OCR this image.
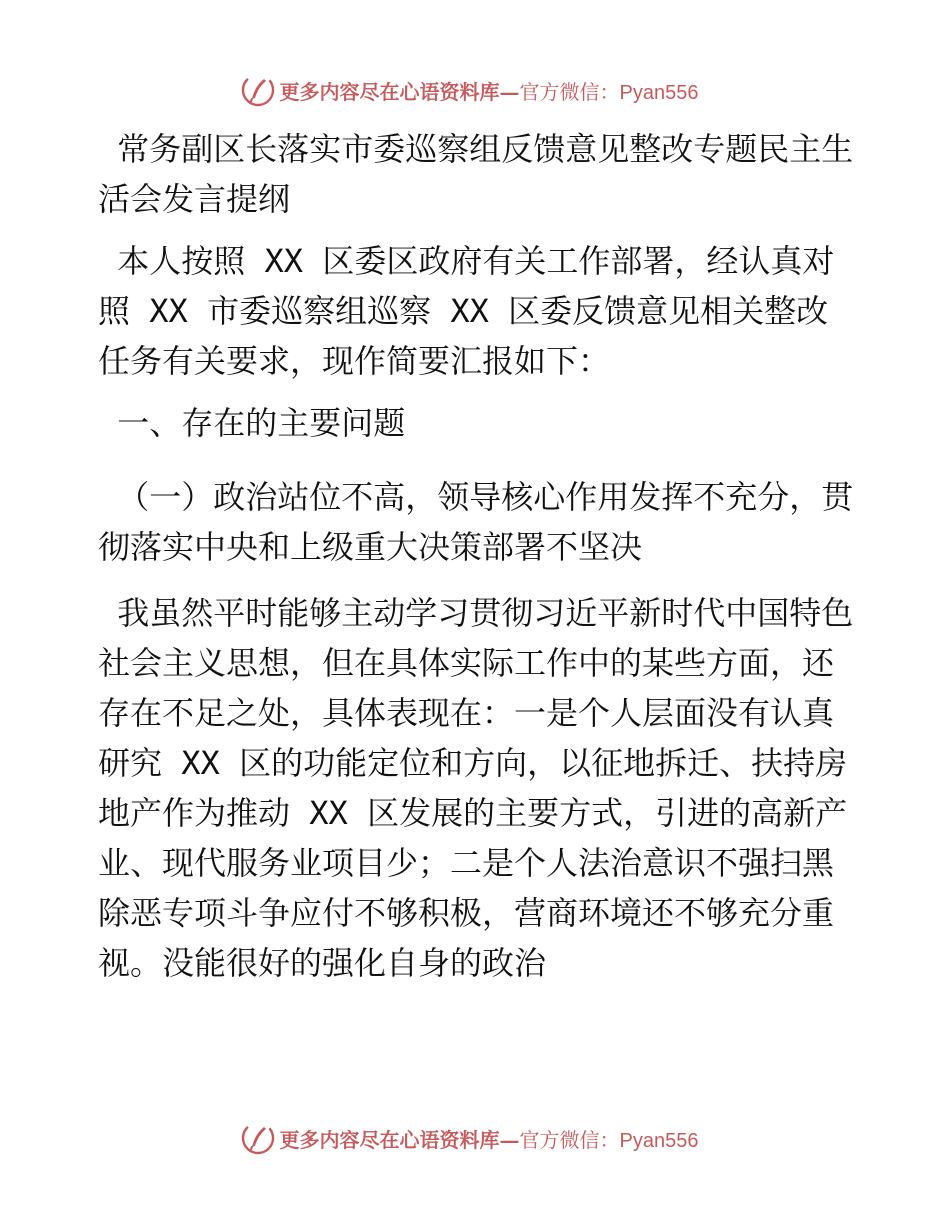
更多内容尽在心语资料库— 官方微信：Pyan556

常务副区长落实市委巡察组反馈意见整改专题民主生活会发言提纲

本人按照 XX 区委区政府有关工作部署，经认真对照 XX 市委巡察组巡察 XX 区委反馈意见相关整改任务有关要求，现作简要汇报如下：

一、存在的主要问题

（一）政治站位不高，领导核心作用发挥不充分，贯彻落实中央和上级重大决策部署不坚决

我虽然平时能够主动学习贯彻习近平新时代中国特色社会主义思想，但在具体实际工作中的某些方面，还存在不足之处，具体表现在：一是个人层面没有认真研究 XX 区的功能定位和方向，以征地拆迁、扶持房地产作为推动 XX 区发展的主要方式，引进的高新产业、现代服务业项目少；二是个人法治意识不强扫黑除恶专项斗争应付不够积极，营商环境还不够充分重视。没能很好的强化自身的政治

更多内容尽在心语资料库— 官方微信：Pyan556
